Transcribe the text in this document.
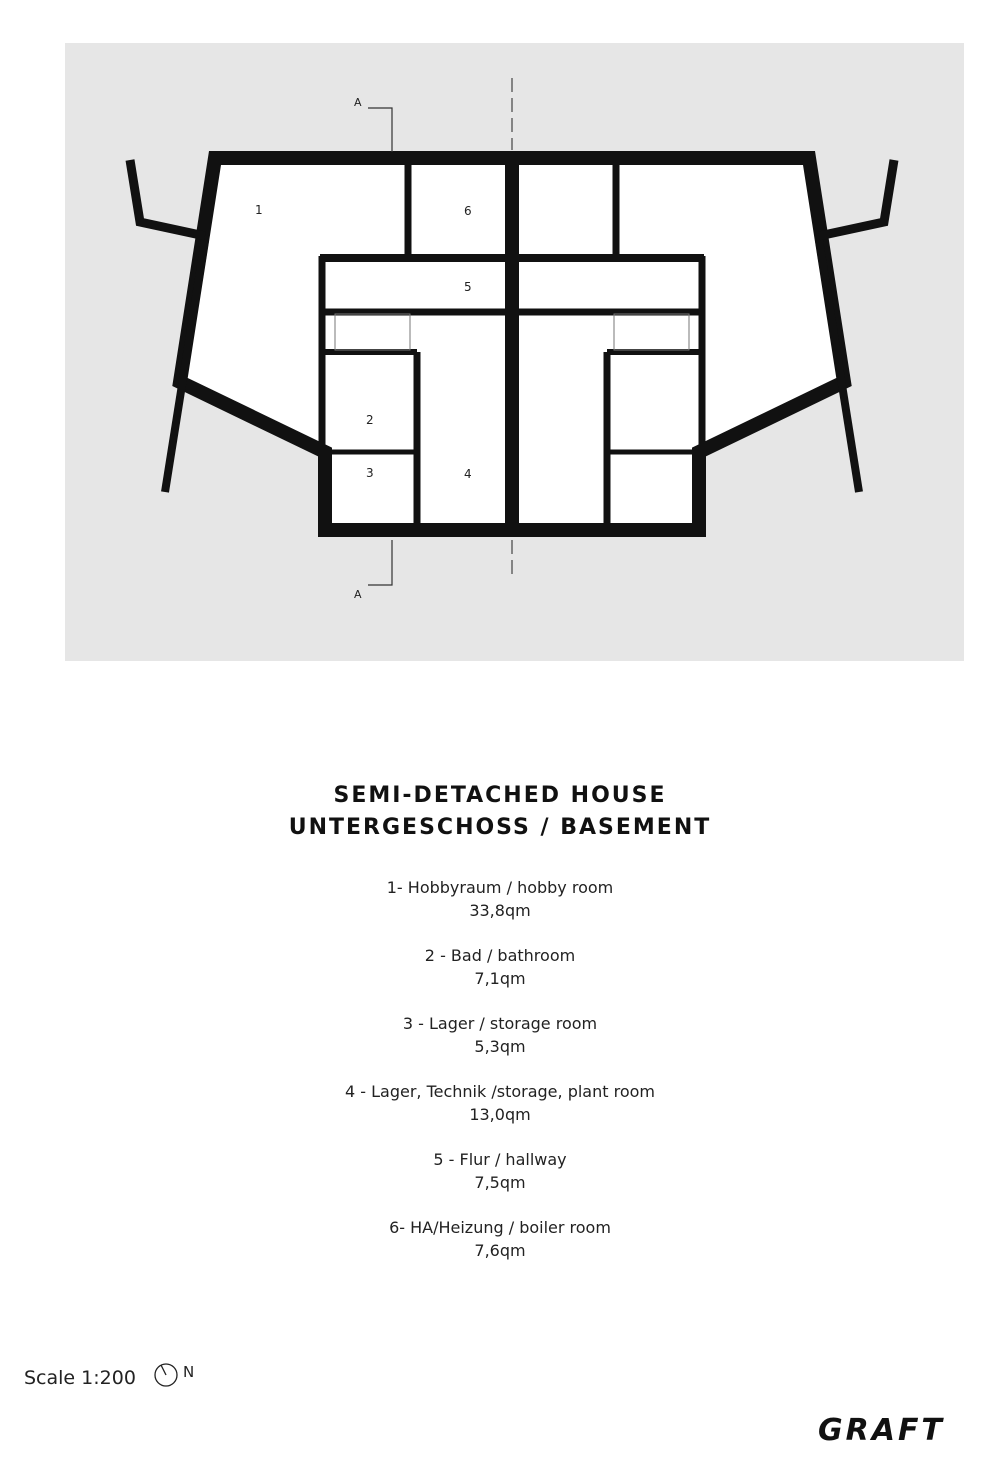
A
A
1	6
5
2
3	4
SEMI-DETACHED HOUSE
UNTERGESCHOSS / BASEMENT
1- Hobbyraum / hobby room
33,8qm
2 - Bad / bathroom
7,1qm
3 - Lager / storage room
5,3qm
4 - Lager, Technik /storage, plant room
13,0qm
5 - Flur / hallway
7,5qm
6- HA/Heizung / boiler room
7,6qm
Scale 1:200	N
GRAFT
